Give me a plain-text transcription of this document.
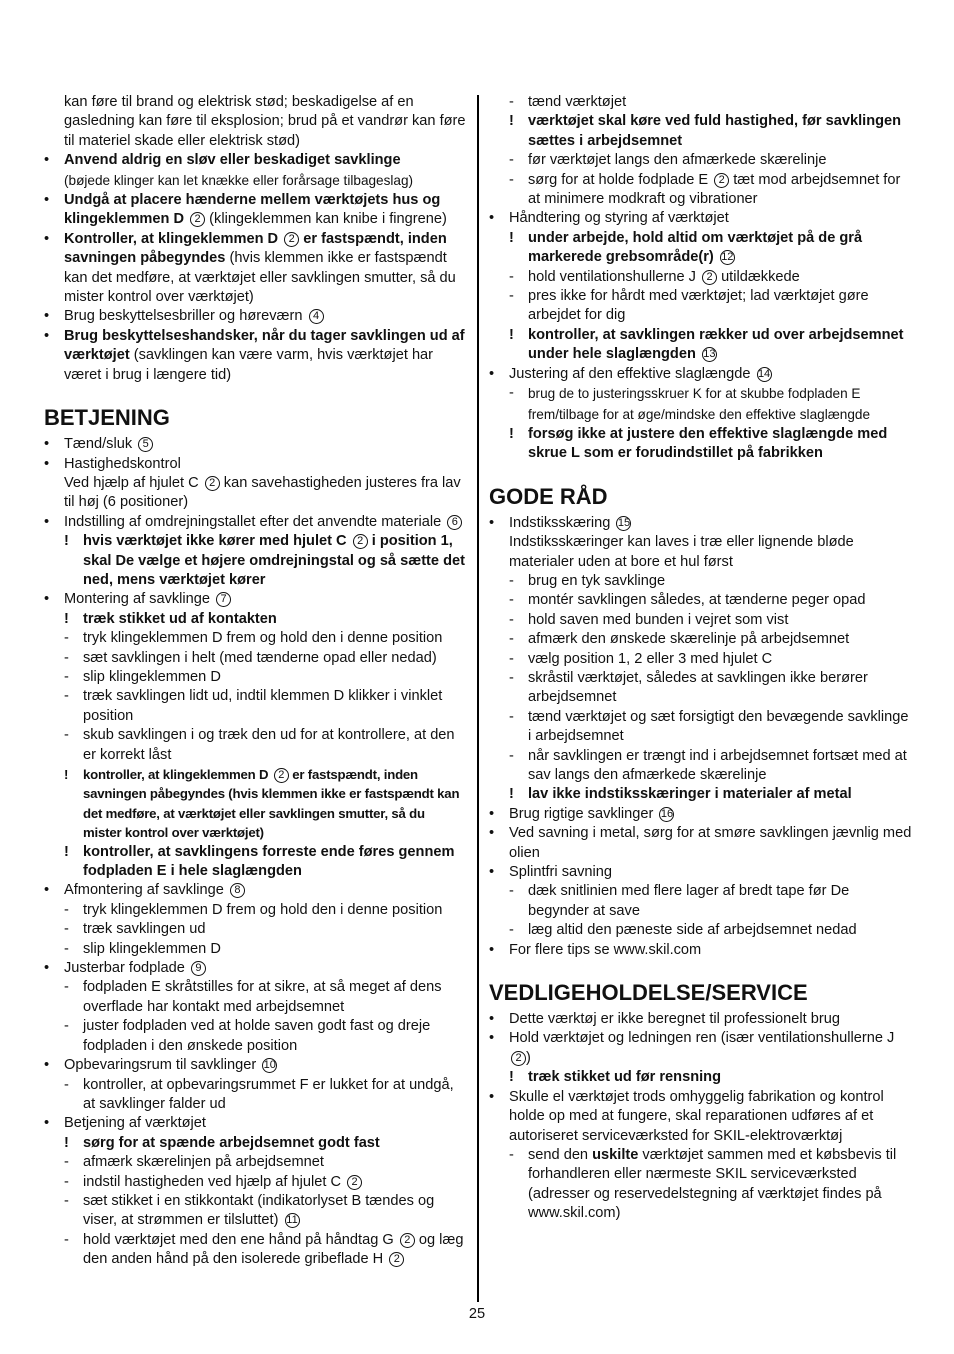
kan føre til brand og elektrisk stød; beskadigelse af en gasledning kan føre til eksplosion; brud på et vandrør kan føre til materiel skade eller elektrisk stød)
•	Anvend aldrig en sløv eller beskadiget savklinge
(bøjede klinger kan let knække eller forårsage tilbageslag)
•	Undgå at placere hænderne mellem værktøjets hus og klingeklemmen D 2 (klingeklemmen kan knibe i fingrene)
•	Kontroller, at klingeklemmen D 2 er fastspændt, inden savningen påbegyndes (hvis klemmen ikke er fastspændt kan det medføre, at værktøjet eller savklingen smutter, så du mister kontrol over værktøjet)
•	Brug beskyttelsesbriller og høreværn 4
•	Brug beskyttelseshandsker, når du tager savklingen ud af værktøjet (savklingen kan være varm, hvis værktøjet har været i brug i længere tid)
BETJENING
•	Tænd/sluk 5
•	Hastighedskontrol
Ved hjælp af hjulet C 2 kan savehastigheden justeres fra lav til høj (6 positioner)
•	Indstilling af omdrejningstallet efter det anvendte materiale 6
! hvis værktøjet ikke kører med hjulet C 2 i position 1, skal De vælge et højere omdrejningstal og så sætte det ned, mens værktøjet kører
•	Montering af savklinge 7
! træk stikket ud af kontakten
- tryk klingeklemmen D frem og hold den i denne position
- sæt savklingen i helt (med tænderne opad eller nedad)
- slip klingeklemmen D
- træk savklingen lidt ud, indtil klemmen D klikker i vinklet position
- skub savklingen i og træk den ud for at kontrollere, at den er korrekt låst
!	kontroller, at klingeklemmen D 2 er fastspændt, inden savningen påbegyndes (hvis klemmen ikke er fastspændt kan det medføre, at værktøjet eller savklingen smutter, så du mister kontrol over værktøjet)
! kontroller, at savklingens forreste ende føres gennem fodpladen E i hele slaglængden
•	Afmontering af savklinge 8
- tryk klingeklemmen D frem og hold den i denne position
- træk savklingen ud
- slip klingeklemmen D
•	Justerbar fodplade 9
- fodpladen E skråtstilles for at sikre, at så meget af dens overflade har kontakt med arbejdsemnet
- juster fodpladen ved at holde saven godt fast og dreje fodpladen i den ønskede position
•	Opbevaringsrum til savklinger 10
- kontroller, at opbevaringsrummet F er lukket for at undgå, at savklinger falder ud
•	Betjening af værktøjet
! sørg for at spænde arbejdsemnet godt fast
- afmærk skærelinjen på arbejdsemnet
- indstil hastigheden ved hjælp af hjulet C 2
- sæt stikket i en stikkontakt (indikatorlyset B tændes og viser, at strømmen er tilsluttet) 11
- hold værktøjet med den ene hånd på håndtag G 2 og læg den anden hånd på den isolerede gribeflade H 2
- tænd værktøjet
! værktøjet skal køre ved fuld hastighed, før savklingen sættes i arbejdsemnet
- før værktøjet langs den afmærkede skærelinje
- sørg for at holde fodplade E 2 tæt mod arbejdsemnet for at minimere modkraft og vibrationer
•	Håndtering og styring af værktøjet
! under arbejde, hold altid om værktøjet på de grå markerede grebsområde(r) 12
- hold ventilationshullerne J 2 utildækkede
- pres ikke for hårdt med værktøjet; lad værktøjet gøre arbejdet for dig
! kontroller, at savklingen rækker ud over arbejdsemnet under hele slaglængden 13
•	Justering af den effektive slaglængde 14
-	brug de to justeringsskruer K for at skubbe fodpladen E frem/tilbage for at øge/mindske den effektive slaglængde
! forsøg ikke at justere den effektive slaglængde med skrue L som er forudindstillet på fabrikken
GODE RÅD
•	Indstiksskæring 15
Indstiksskæringer kan laves i træ eller lignende bløde materialer uden at bore et hul først
- brug en tyk savklinge
- montér savklingen således, at tænderne peger opad
- hold saven med bunden i vejret som vist
- afmærk den ønskede skærelinje på arbejdsemnet
- vælg position 1, 2 eller 3 med hjulet C
- skråstil værktøjet, således at savklingen ikke berører arbejdsemnet
- tænd værktøjet og sæt forsigtigt den bevægende savklinge i arbejdsemnet
- når savklingen er trængt ind i arbejdsemnet fortsæt med at sav langs den afmærkede skærelinje
! lav ikke indstiksskæringer i materialer af metal
•	Brug rigtige savklinger 16
•	Ved savning i metal, sørg for at smøre savklingen jævnlig med olien
•	Splintfri savning
- dæk snitlinien med flere lager af bredt tape før De begynder at save
- læg altid den pæneste side af arbejdsemnet nedad
•	For flere tips se www.skil.com
VEDLIGEHOLDELSE/SERVICE
•	Dette værktøj er ikke beregnet til professionelt brug
•	Hold værktøjet og ledningen ren (især ventilationshullerne J 2 )
! træk stikket ud før rensning
•	Skulle el værktøjet trods omhyggelig fabrikation og kontrol holde op med at fungere, skal reparationen udføres af et autoriseret serviceværksted for SKIL-elektroværktøj
- send den uskilte værktøjet sammen med et købsbevis til forhandleren eller nærmeste SKIL serviceværksted (adresser og reservedelstegning af værktøjet findes på www.skil.com)
25
